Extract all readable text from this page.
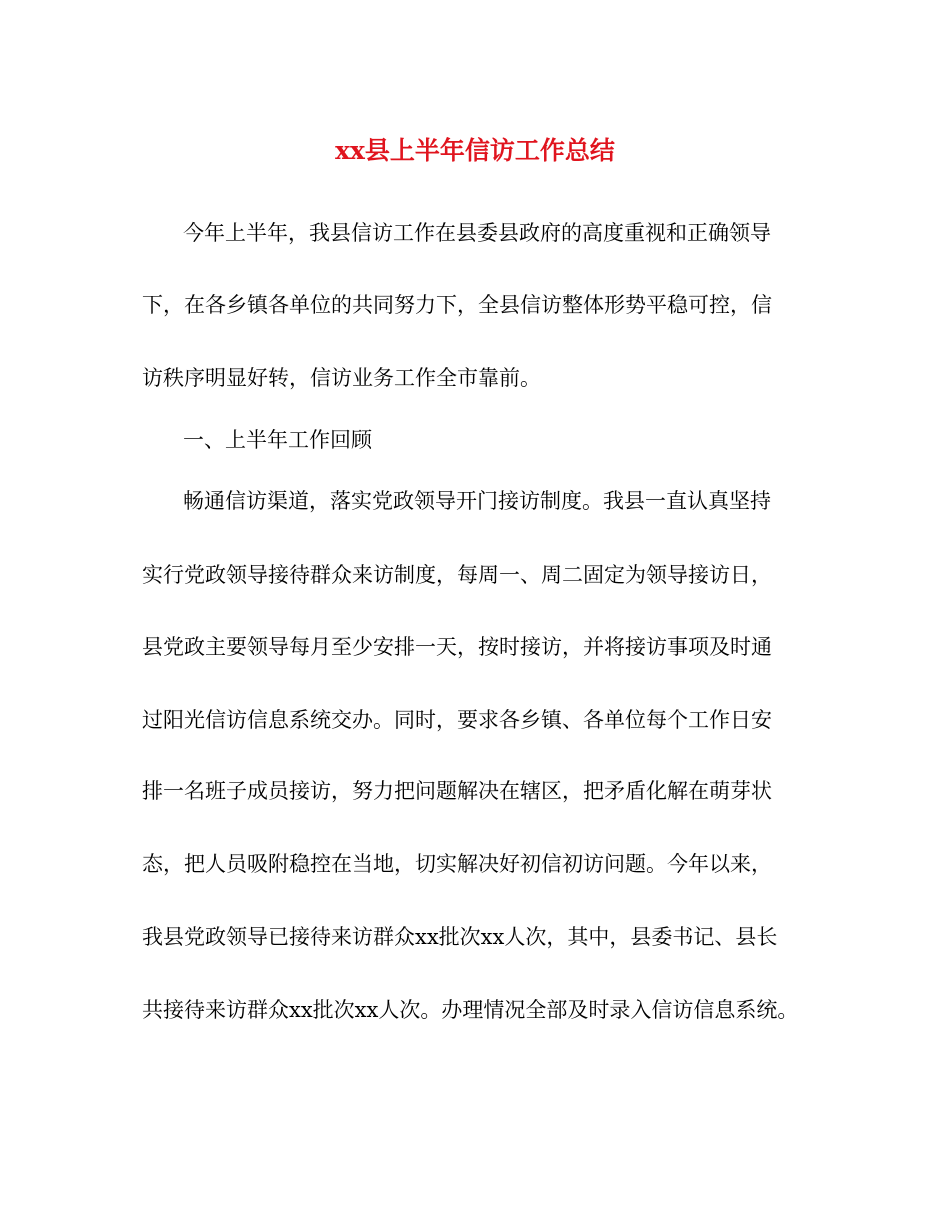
xx县上半年信访工作总结

今年上半年，我县信访工作在县委县政府的高度重视和正确领导

下，在各乡镇各单位的共同努力下，全县信访整体形势平稳可控，信

访秩序明显好转，信访业务工作全市靠前。

一、上半年工作回顾

畅通信访渠道，落实党政领导开门接访制度。我县一直认真坚持

实行党政领导接待群众来访制度，每周一、周二固定为领导接访日，

县党政主要领导每月至少安排一天，按时接访，并将接访事项及时通

过阳光信访信息系统交办。同时，要求各乡镇、各单位每个工作日安

排一名班子成员接访，努力把问题解决在辖区，把矛盾化解在萌芽状

态，把人员吸附稳控在当地，切实解决好初信初访问题。今年以来，

我县党政领导已接待来访群众xx批次xx人次，其中，县委书记、县长

共接待来访群众xx批次xx人次。办理情况全部及时录入信访信息系统。
